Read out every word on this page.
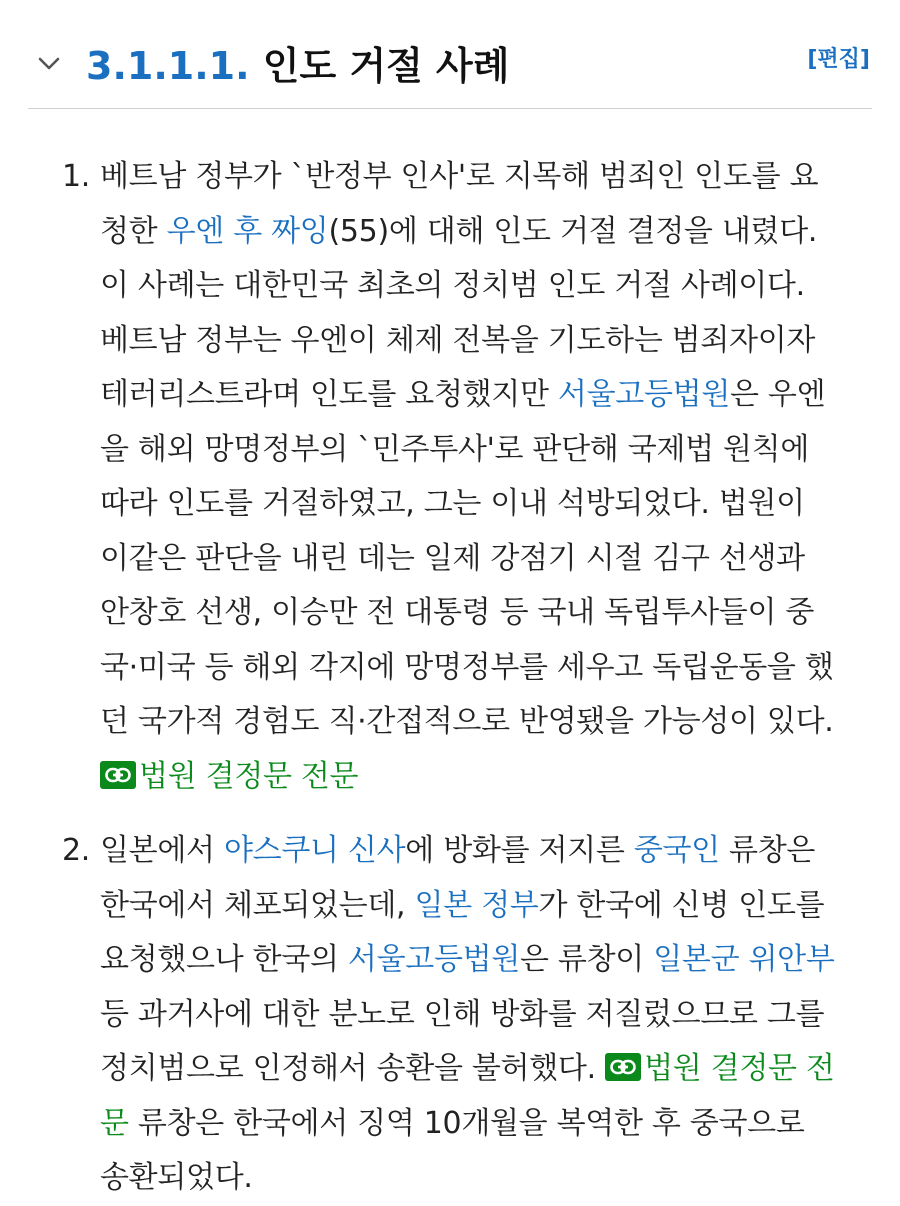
3.1.1.1. 인도 거절 사례	[편집]
1. 베트남 정부가 `반정부 인사'로 지목해 범죄인 인도를 요
청한 우엔 후 짜잉(55)에 대해 인도 거절 결정을 내렸다.
이 사례는 대한민국 최초의 정치범 인도 거절 사례이다.
베트남 정부는 우엔이 체제 전복을 기도하는 범죄자이자
테러리스트라며 인도를 요청했지만 서울고등법원은 우엔
을 해외 망명정부의 `민주투사'로 판단해 국제법 원칙에
따라 인도를 거절하였고, 그는 이내 석방되었다. 법원이
이같은 판단을 내린 데는 일제 강점기 시절 김구 선생과
안창호 선생, 이승만 전 대통령 등 국내 독립투사들이 중
국·미국 등 해외 각지에 망명정부를 세우고 독립운동을 했
던 국가적 경험도 직·간접적으로 반영됐을 가능성이 있다.
법원 결정문 전문
2. 일본에서 야스쿠니 신사에 방화를 저지른 중국인 류창은
한국에서 체포되었는데, 일본 정부가 한국에 신병 인도를
요청했으나 한국의 서울고등법원은 류창이 일본군 위안부
등 과거사에 대한 분노로 인해 방화를 저질렀으므로 그를
정치범으로 인정해서 송환을 불허했다.
법원 결정문 전
문 류창은 한국에서 징역 10개월을 복역한 후 중국으로
송환되었다.
